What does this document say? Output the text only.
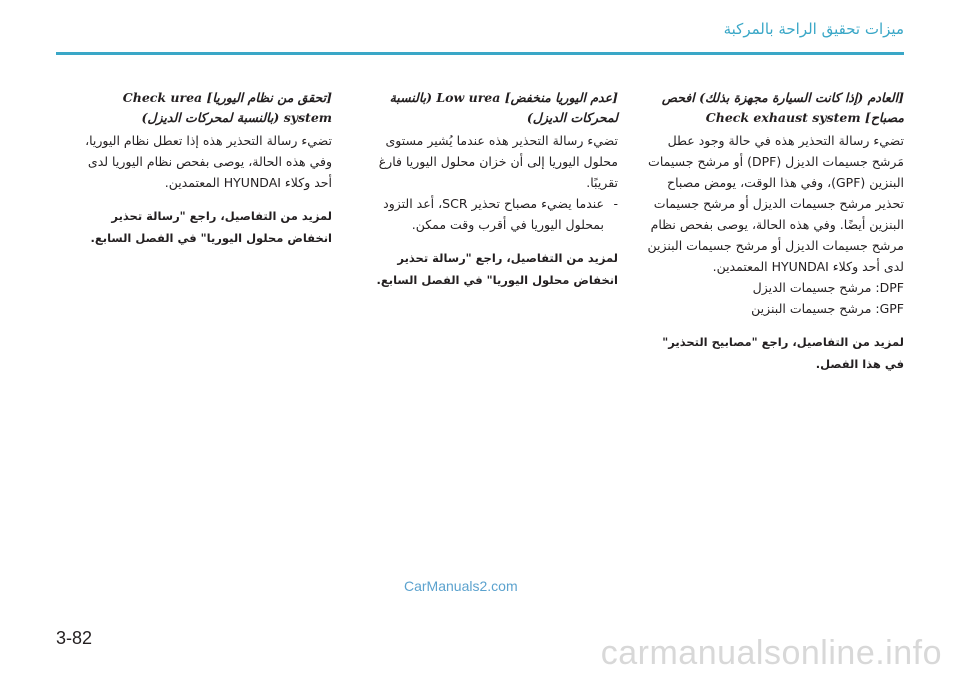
ﻣﻴﺰﺍﺕ ﺗﺤﻘﻴﻖ ﺍﻟﺮﺍﺣﺔ ﺑﺎﻟﻤﺮﻛﺒﺔ
[ﺍﻟﻌﺎﺩﻡ (ﺇﺫﺍ ﻛﺎﻧﺖ ﺍﻟﺴﻴﺎﺭﺓ ﻣﺠﻬﺰﺓ ﺑﺬﻟﻚ) ﺍﻓﺤﺺ ﻣﺼﺒﺎﺡ] Check exhaust system

ﺗﻀﻲﺀ ﺭﺳﺎﻟﺔ ﺍﻟﺘﺤﺬﻳﺮ ﻫﺬﻩ ﻓﻲ ﺣﺎﻟﺔ ﻭﺟﻮﺩ ﻋﻄﻞ ﻣَﺮﺷﺢ ﺟﺴﻴﻤﺎﺕ ﺍﻟﺪﻳﺰﻝ (DPF) ﺃﻭ ﻣﺮﺷﺢ ﺟﺴﻴﻤﺎﺕ ﺍﻟﺒﻨﺰﻳﻦ (GPF)، ﻭﻓﻲ ﻫﺬﺍ ﺍﻟﻮﻗﺖ، ﻳﻮﻣﺾ ﻣﺼﺒﺎﺡ ﺗﺤﺬﻳﺮ ﻣﺮﺷﺢ ﺟﺴﻴﻤﺎﺕ ﺍﻟﺪﻳﺰﻝ ﺃﻭ ﻣﺮﺷﺢ ﺟﺴﻴﻤﺎﺕ ﺍﻟﺒﻨﺰﻳﻦ ﺃﻳﻀًﺎ. ﻭﻓﻲ ﻫﺬﻩ ﺍﻟﺤﺎﻟﺔ، ﻳﻮﺻﻰ ﺑﻔﺤﺺ ﻧﻈﺎﻡ ﻣﺮﺷﺢ ﺟﺴﻴﻤﺎﺕ ﺍﻟﺪﻳﺰﻝ ﺃﻭ ﻣﺮﺷﺢ ﺟﺴﻴﻤﺎﺕ ﺍﻟﺒﻨﺰﻳﻦ ﻟﺪﻯ ﺃﺣﺪ ﻭﻛﻼﺀ HYUNDAI ﺍﻟﻤﻌﺘﻤﺪﻳﻦ.

DPF: ﻣﺮﺷﺢ ﺟﺴﻴﻤﺎﺕ ﺍﻟﺪﻳﺰﻝ

GPF: ﻣﺮﺷﺢ ﺟﺴﻴﻤﺎﺕ ﺍﻟﺒﻨﺰﻳﻦ

ﻟﻤﺰﻳﺪ ﻣﻦ ﺍﻟﺘﻔﺎﺻﻴﻞ، ﺭﺍﺟﻊ "ﻣﺼﺎﺑﻴﺢ ﺍﻟﺘﺤﺬﻳﺮ" ﻓﻲ ﻫﺬﺍ ﺍﻟﻔﺼﻞ.
[ﻋﺪﻡ ﺍﻟﻴﻮﺭﻳﺎ ﻣﻨﺨﻔﺾ] Low urea (ﺑﺎﻟﻨﺴﺒﺔ ﻟﻤﺤﺮﻛﺎﺕ ﺍﻟﺪﻳﺰﻝ)

ﺗﻀﻲﺀ ﺭﺳﺎﻟﺔ ﺍﻟﺘﺤﺬﻳﺮ ﻫﺬﻩ ﻋﻨﺪﻣﺎ ﻳُﺸﻴﺮ ﻣﺴﺘﻮﻯ ﻣﺤﻠﻮﻝ ﺍﻟﻴﻮﺭﻳﺎ ﺇﻟﻰ ﺃﻥ ﺧﺰﺍﻥ ﻣﺤﻠﻮﻝ ﺍﻟﻴﻮﺭﻳﺎ ﻓﺎﺭﻍ ﺗﻘﺮﻳﺒًﺎ.

- ﻋﻨﺪﻣﺎ ﻳﻀﻲﺀ ﻣﺼﺒﺎﺡ ﺗﺤﺬﻳﺮ SCR، ﺃﻋﺪ ﺍﻟﺘﺰﻭﺩ ﺑﻤﺤﻠﻮﻝ ﺍﻟﻴﻮﺭﻳﺎ ﻓﻲ ﺃﻗﺮﺏ ﻭﻗﺖ ﻣﻤﻜﻦ.

ﻟﻤﺰﻳﺪ ﻣﻦ ﺍﻟﺘﻔﺎﺻﻴﻞ، ﺭﺍﺟﻊ "ﺭﺳﺎﻟﺔ ﺗﺤﺬﻳﺮ ﺍﻧﺨﻔﺎﺽ ﻣﺤﻠﻮﻝ ﺍﻟﻴﻮﺭﻳﺎ" ﻓﻲ ﺍﻟﻔﺼﻞ ﺍﻟﺴﺎﺑﻊ.
[ﺗﺤﻘﻖ ﻣﻦ ﻧﻈﺎﻡ ﺍﻟﻴﻮﺭﻳﺎ] Check urea system (ﺑﺎﻟﻨﺴﺒﺔ ﻟﻤﺤﺮﻛﺎﺕ ﺍﻟﺪﻳﺰﻝ)

ﺗﻀﻲﺀ ﺭﺳﺎﻟﺔ ﺍﻟﺘﺤﺬﻳﺮ ﻫﺬﻩ ﺇﺫﺍ ﺗﻌﻄﻞ ﻧﻈﺎﻡ ﺍﻟﻴﻮﺭﻳﺎ، ﻭﻓﻲ ﻫﺬﻩ ﺍﻟﺤﺎﻟﺔ، ﻳﻮﺻﻰ ﺑﻔﺤﺺ ﻧﻈﺎﻡ ﺍﻟﻴﻮﺭﻳﺎ ﻟﺪﻯ ﺃﺣﺪ ﻭﻛﻼﺀ HYUNDAI ﺍﻟﻤﻌﺘﻤﺪﻳﻦ.

ﻟﻤﺰﻳﺪ ﻣﻦ ﺍﻟﺘﻔﺎﺻﻴﻞ، ﺭﺍﺟﻊ "ﺭﺳﺎﻟﺔ ﺗﺤﺬﻳﺮ ﺍﻧﺨﻔﺎﺽ ﻣﺤﻠﻮﻝ ﺍﻟﻴﻮﺭﻳﺎ" ﻓﻲ ﺍﻟﻔﺼﻞ ﺍﻟﺴﺎﺑﻊ.
CarManuals2.com
3-82	carmanualsonline.info
